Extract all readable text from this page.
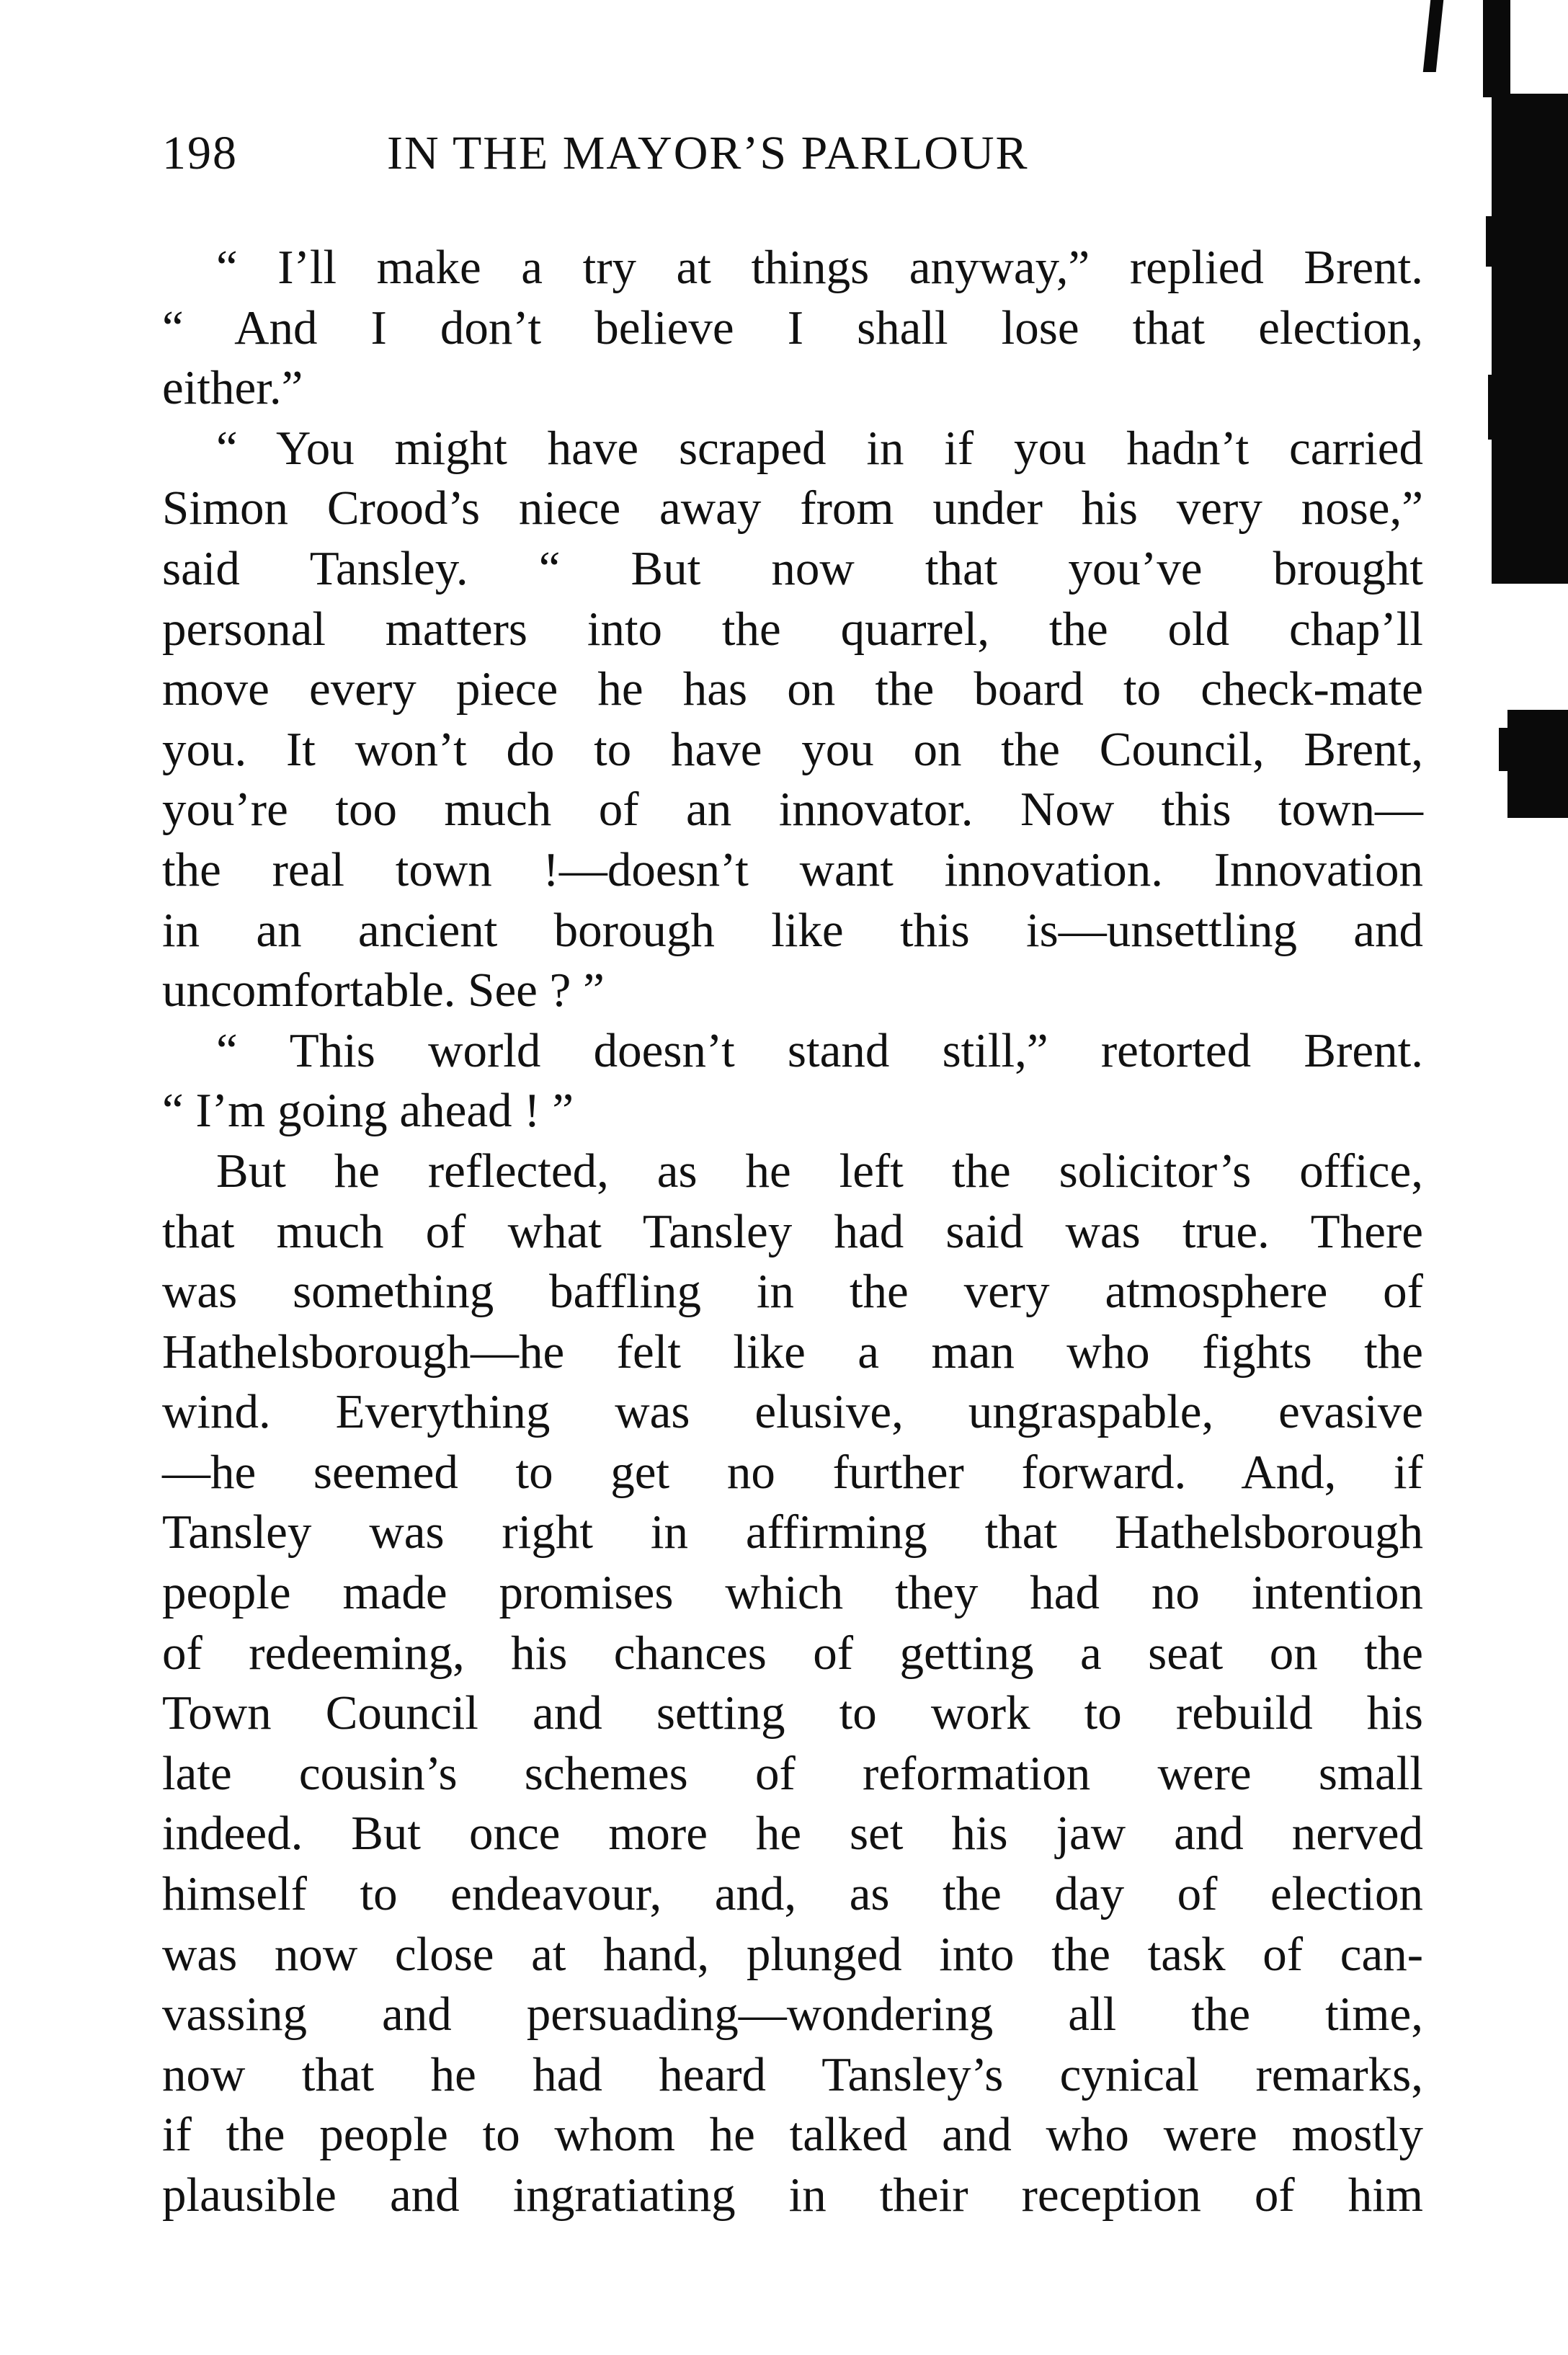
198	IN THE MAYOR’S PARLOUR
“ I’ll make a try at things anyway,” replied Brent.
“ And I don’t believe I shall lose that election,
either.”
“ You might have scraped in if you hadn’t carried
Simon Crood’s niece away from under his very nose,”
said Tansley. “ But now that you’ve brought
personal matters into the quarrel, the old chap’ll
move every piece he has on the board to check-mate
you. It won’t do to have you on the Council, Brent,
you’re too much of an innovator. Now this town—
the real town !—doesn’t want innovation. Innovation
in an ancient borough like this is—unsettling and
uncomfortable. See ? ”
“ This world doesn’t stand still,” retorted Brent.
“ I’m going ahead ! ”
But he reflected, as he left the solicitor’s office,
that much of what Tansley had said was true. There
was something baffling in the very atmosphere of
Hathelsborough—he felt like a man who fights the
wind. Everything was elusive, ungraspable, evasive
—he seemed to get no further forward. And, if
Tansley was right in affirming that Hathelsborough
people made promises which they had no intention
of redeeming, his chances of getting a seat on the
Town Council and setting to work to rebuild his
late cousin’s schemes of reformation were small
indeed. But once more he set his jaw and nerved
himself to endeavour, and, as the day of election
was now close at hand, plunged into the task of can-
vassing and persuading—wondering all the time,
now that he had heard Tansley’s cynical remarks,
if the people to whom he talked and who were mostly
plausible and ingratiating in their reception of him
